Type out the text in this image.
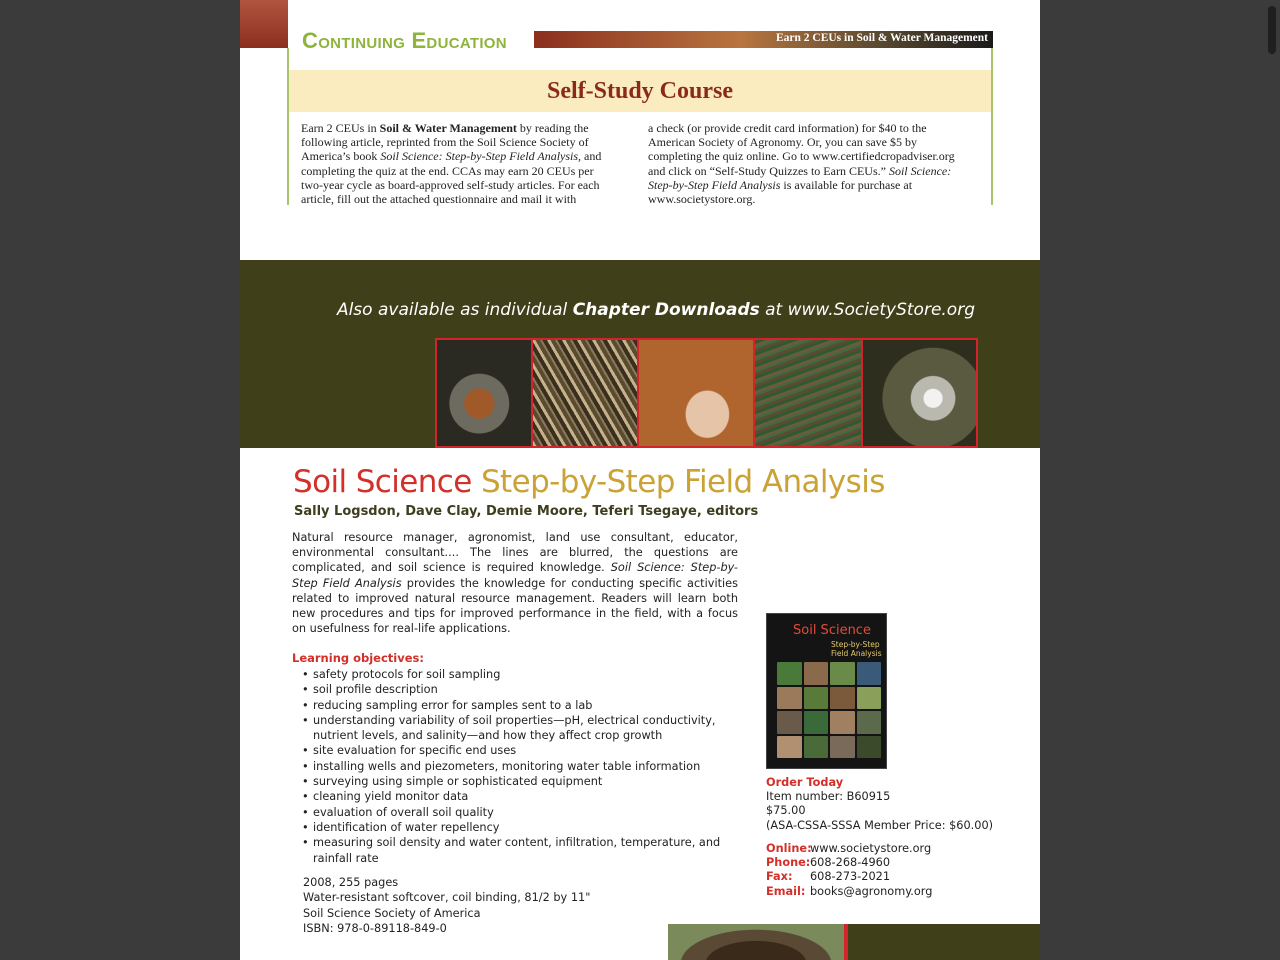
Continuing Education	Earn 2 CEUs in Soil & Water Management
Self-Study Course
Earn 2 CEUs in Soil & Water Management by reading the following article, reprinted from the Soil Science Society of America’s book Soil Science: Step-by-Step Field Analysis, and completing the quiz at the end. CCAs may earn 20 CEUs per two-year cycle as board-approved self-study articles. For each article, fill out the attached questionnaire and mail it with
a check (or provide credit card information) for $40 to the American Society of Agronomy. Or, you can save $5 by completing the quiz online. Go to www.certifiedcropadviser.org and click on “Self-Study Quizzes to Earn CEUs.” Soil Science: Step-by-Step Field Analysis is available for purchase at www.societystore.org.
Also available as individual Chapter Downloads at www.SocietyStore.org
Soil Science Step-by-Step Field Analysis
Sally Logsdon, Dave Clay, Demie Moore, Teferi Tsegaye, editors
Natural resource manager, agronomist, land use consultant, educator, environmental consultant.... The lines are blurred, the questions are complicated, and soil science is required knowledge. Soil Science: Step-by-Step Field Analysis provides the knowledge for conducting specific activities related to improved natural resource management. Readers will learn both new procedures and tips for improved performance in the field, with a focus on usefulness for real-life applications.
Learning objectives:
• safety protocols for soil sampling
• soil profile description
• reducing sampling error for samples sent to a lab
• understanding variability of soil properties—pH, electrical conductivity, nutrient levels, and salinity—and how they affect crop growth
• site evaluation for specific end uses
• installing wells and piezometers, monitoring water table information
• surveying using simple or sophisticated equipment
• cleaning yield monitor data
• evaluation of overall soil quality
• identification of water repellency
• measuring soil density and water content, infiltration, temperature, and rainfall rate
2008, 255 pages
Water-resistant softcover, coil binding, 81/2 by 11"
Soil Science Society of America
ISBN: 978-0-89118-849-0
Soil Science
Step-by-Step
Field Analysis
Order Today
Item number: B60915
$75.00
(ASA-CSSA-SSSA Member Price: $60.00)
Online:
www.societystore.org
Phone: 608-268-4960
Fax:	608-273-2021
Email: books@agronomy.org
